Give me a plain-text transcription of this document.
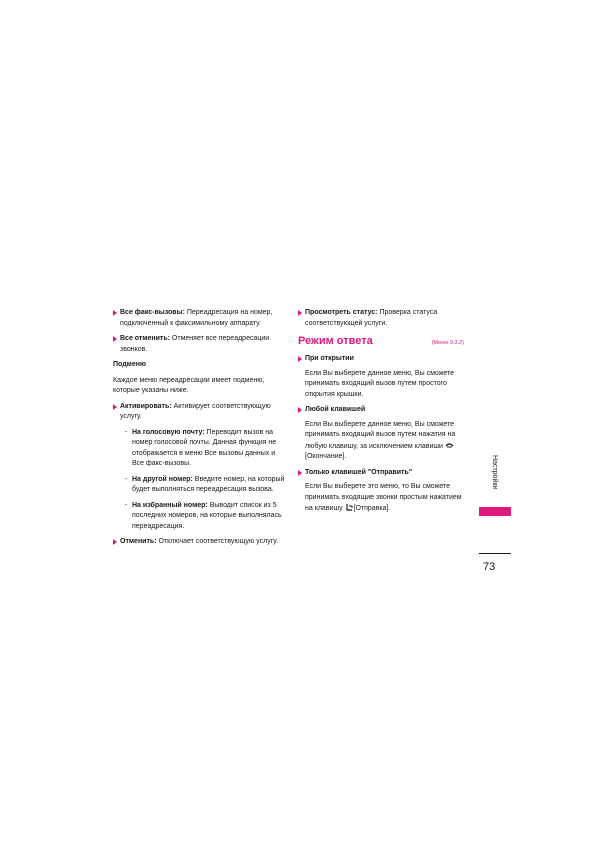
Все факс-вызовы: Переадресация на номер, подключенный к факсимильному аппарату.
Все отменить: Отменяет все переадресации звонков.
Подменю
Каждое меню переадресации имеет подменю, которые указаны ниже.
Активировать: Активирует соответствующую услугу.
- На голосовую почту: Переводит вызов на номер голосовой почты. Данная функция не отображается в меню Все вызовы данных и Все факс-вызовы.
- На другой номер: Введите номер, на который будет выполняться переадресация вызова.
- На избранный номер: Выводит список из 5 последних номеров, на которые выполнялась переадресация.
Отменить: Отключает соответствующую услугу.
Просмотреть статус: Проверка статуса соответствующей услуги.
Режим ответа	(Меню 9.3.2)
При открытии
Если Вы выберете данное меню, Вы сможете принимать входящий вызов путем простого открытия крышки.
Любой клавишей
Если Вы выберете данное меню, Вы сможете принимать входящий вызов путем нажатия на любую клавишу, за исключением клавиши [Окончание].
Только клавишей "Отправить"
Если Вы выберете это меню, то Вы сможете принимать входящие звонки простым нажатием на клавишу [Отправка].
Настройки
73
